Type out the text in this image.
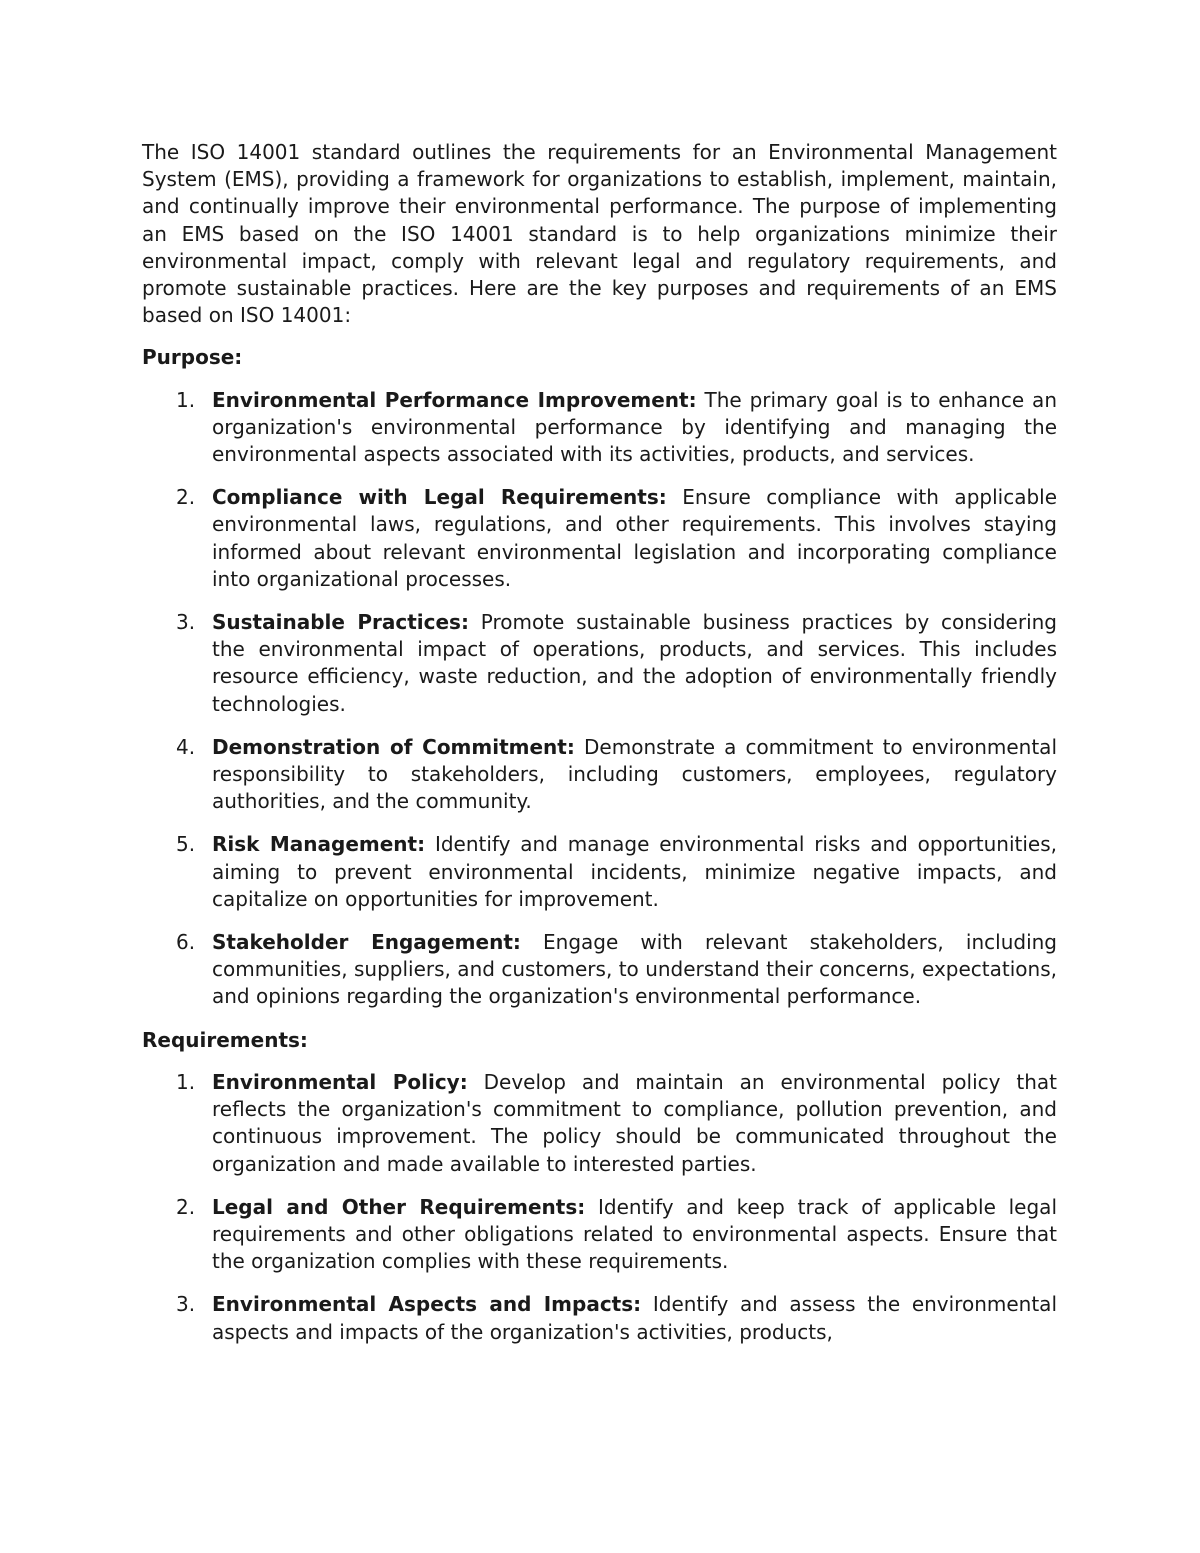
The ISO 14001 standard outlines the requirements for an Environmental Management System (EMS), providing a framework for organizations to establish, implement, maintain, and continually improve their environmental performance. The purpose of implementing an EMS based on the ISO 14001 standard is to help organizations minimize their environmental impact, comply with relevant legal and regulatory requirements, and promote sustainable practices. Here are the key purposes and requirements of an EMS based on ISO 14001:

Purpose:
1. Environmental Performance Improvement: The primary goal is to enhance an organization's environmental performance by identifying and managing the environmental aspects associated with its activities, products, and services.
2. Compliance with Legal Requirements: Ensure compliance with applicable environmental laws, regulations, and other requirements. This involves staying informed about relevant environmental legislation and incorporating compliance into organizational processes.
3. Sustainable Practices: Promote sustainable business practices by considering the environmental impact of operations, products, and services. This includes resource efficiency, waste reduction, and the adoption of environmentally friendly technologies.
4. Demonstration of Commitment: Demonstrate a commitment to environmental responsibility to stakeholders, including customers, employees, regulatory authorities, and the community.
5. Risk Management: Identify and manage environmental risks and opportunities, aiming to prevent environmental incidents, minimize negative impacts, and capitalize on opportunities for improvement.
6. Stakeholder Engagement: Engage with relevant stakeholders, including communities, suppliers, and customers, to understand their concerns, expectations, and opinions regarding the organization's environmental performance.
Requirements:
1. Environmental Policy: Develop and maintain an environmental policy that reflects the organization's commitment to compliance, pollution prevention, and continuous improvement. The policy should be communicated throughout the organization and made available to interested parties.
2. Legal and Other Requirements: Identify and keep track of applicable legal requirements and other obligations related to environmental aspects. Ensure that the organization complies with these requirements.
3. Environmental Aspects and Impacts: Identify and assess the environmental aspects and impacts of the organization's activities, products,
